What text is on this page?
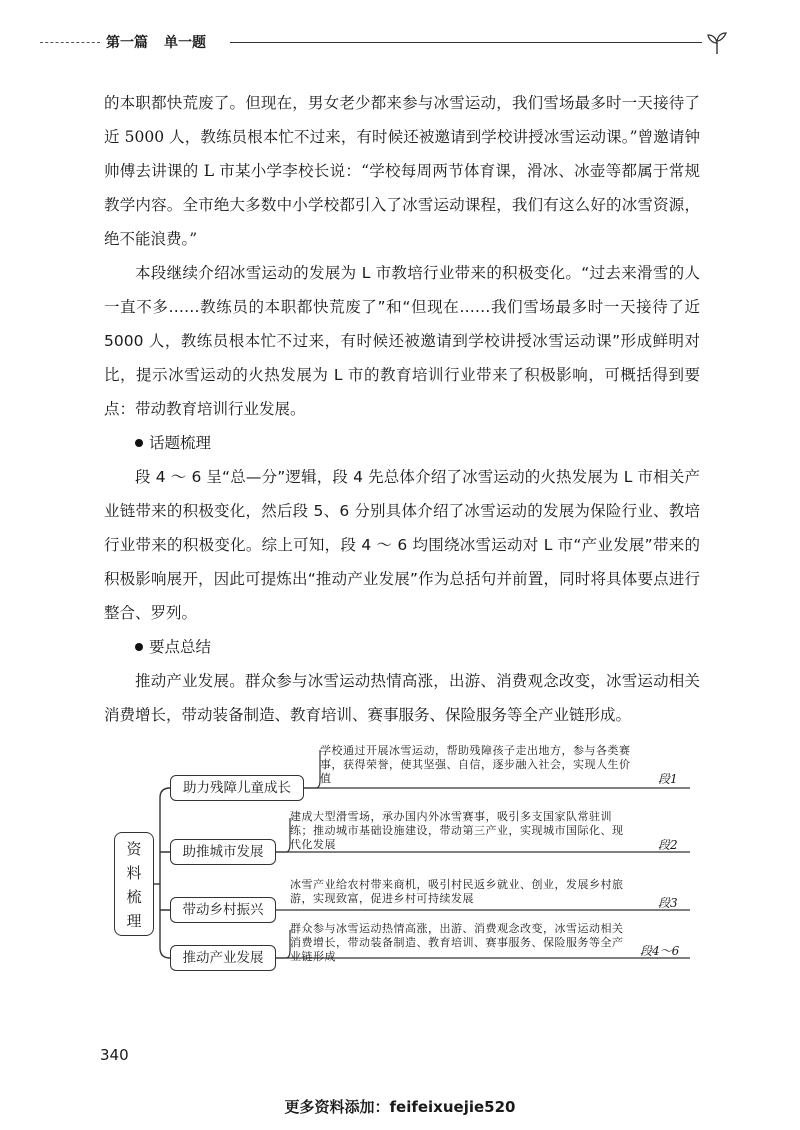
第一篇 单一题

的本职都快荒废了。但现在，男女老少都来参与冰雪运动，我们雪场最多时一天接待了近 5000 人，教练员根本忙不过来，有时候还被邀请到学校讲授冰雪运动课。”曾邀请钟帅傅去讲课的 L 市某小学李校长说：“学校每周两节体育课，滑冰、冰壶等都属于常规教学内容。全市绝大多数中小学校都引入了冰雪运动课程，我们有这么好的冰雪资源，绝不能浪费。”

本段继续介绍冰雪运动的发展为 L 市教培行业带来的积极变化。“过去来滑雪的人一直不多……教练员的本职都快荒废了”和“但现在……我们雪场最多时一天接待了近 5000 人，教练员根本忙不过来，有时候还被邀请到学校讲授冰雪运动课”形成鲜明对比，提示冰雪运动的火热发展为 L 市的教育培训行业带来了积极影响，可概括得到要点：带动教育培训行业发展。

话题梳理

段 4 ～ 6 呈“总—分”逻辑，段 4 先总体介绍了冰雪运动的火热发展为 L 市相关产业链带来的积极变化，然后段 5、6 分别具体介绍了冰雪运动的发展为保险行业、教培行业带来的积极变化。综上可知，段 4 ～ 6 均围绕冰雪运动对 L 市“产业发展”带来的积极影响展开，因此可提炼出“推动产业发展”作为总括句并前置，同时将具体要点进行整合、罗列。

要点总结

推动产业发展。群众参与冰雪运动热情高涨，出游、消费观念改变，冰雪运动相关消费增长，带动装备制造、教育培训、赛事服务、保险服务等全产业链形成。

资
料
梳
理
助力残障儿童成长
学校通过开展冰雪运动，帮助残障孩子走出地方，参与各类赛事，获得荣誉，使其坚强、自信，逐步融入社会，实现人生价值	段1
助推城市发展
建成大型滑雪场，承办国内外冰雪赛事，吸引多支国家队常驻训练；推动城市基础设施建设，带动第三产业，实现城市国际化、现代化发展	段2
带动乡村振兴
冰雪产业给农村带来商机，吸引村民返乡就业、创业，发展乡村旅游，实现致富，促进乡村可持续发展	段3
推动产业发展
群众参与冰雪运动热情高涨，出游、消费观念改变，冰雪运动相关消费增长，带动装备制造、教育培训、赛事服务、保险服务等全产业链形成	段4～6
340
更多资料添加：feifeixuejie520
